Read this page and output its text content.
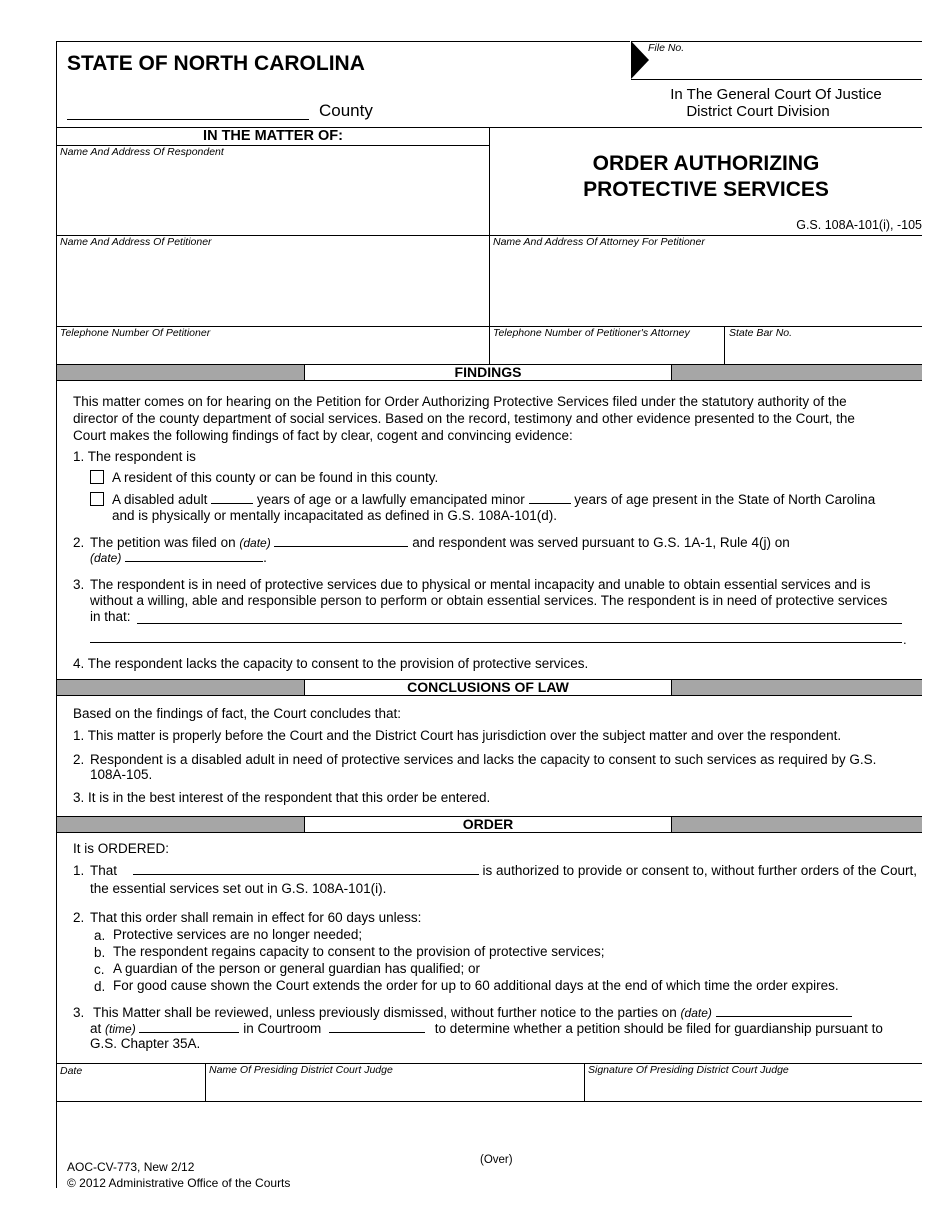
STATE OF NORTH CAROLINA
County
File No.
In The General Court Of Justice
District Court Division
IN THE MATTER OF:
Name And Address Of Respondent	ORDER AUTHORIZING
PROTECTIVE SERVICES
G.S. 108A-101(i), -105
Name And Address Of Petitioner	Name And Address Of Attorney For Petitioner
Telephone Number Of Petitioner	Telephone Number of Petitioner's Attorney	State Bar No.
FINDINGS
This matter comes on for hearing on the Petition for Order Authorizing Protective Services filed under the statutory authority of the
director of the county department of social services. Based on the record, testimony and other evidence presented to the Court, the
Court makes the following findings of fact by clear, cogent and convincing evidence:
1. The respondent is
A resident of this county or can be found in this county.
A disabled adult	years of age or a lawfully emancipated minor	years of age present in the State of North Carolina
and is physically or mentally incapacitated as defined in G.S. 108A-101(d).
2. The petition was filed on (date)	and respondent was served pursuant to G.S. 1A-1, Rule 4(j) on
(date)	.
3. The respondent is in need of protective services due to physical or mental incapacity and unable to obtain essential services and is
without a willing, able and responsible person to perform or obtain essential services. The respondent is in need of protective services
in that:
.
4. The respondent lacks the capacity to consent to the provision of protective services.
CONCLUSIONS OF LAW
Based on the findings of fact, the Court concludes that:
1. This matter is properly before the Court and the District Court has jurisdiction over the subject matter and over the respondent.
2. Respondent is a disabled adult in need of protective services and lacks the capacity to consent to such services as required by G.S.
108A-105.
3. It is in the best interest of the respondent that this order be entered.
ORDER
It is ORDERED:
1. That	is authorized to provide or consent to, without further orders of the Court,
the essential services set out in G.S. 108A-101(i).
2. That this order shall remain in effect for 60 days unless:
a. Protective services are no longer needed;
b. The respondent regains capacity to consent to the provision of protective services;
c. A guardian of the person or general guardian has qualified; or
d. For good cause shown the Court extends the order for up to 60 additional days at the end of which time the order expires.
3. This Matter shall be reviewed, unless previously dismissed, without further notice to the parties on (date)
at (time)	in Courtroom	to determine whether a petition should be filed for guardianship pursuant to
G.S. Chapter 35A.
Date	Name Of Presiding District Court Judge	Signature Of Presiding District Court Judge
(Over)
AOC-CV-773, New 2/12
© 2012 Administrative Office of the Courts
